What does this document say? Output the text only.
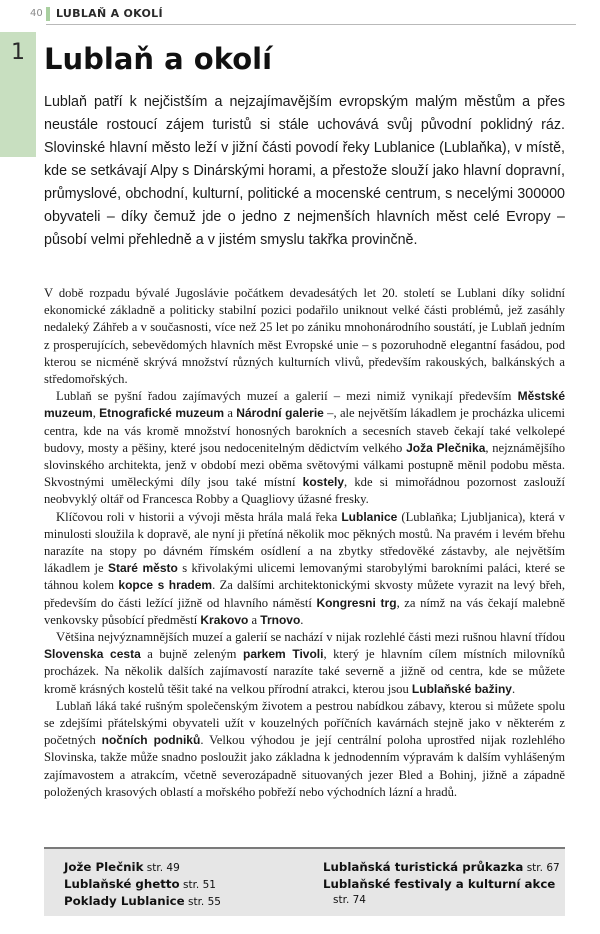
40 LUBLAŇ A OKOLÍ
1 Lublaň a okolí

Lublaň patří k nejčistším a nejzajímavějším evropským malým městům a přes neustále rostoucí zájem turistů si stále uchovává svůj původní poklidný ráz. Slovinské hlavní město leží v jižní části povodí řeky Lublanice (Lublaňka), v místě, kde se setkávají Alpy s Dinárskými horami, a přestože slouží jako hlavní dopravní, průmyslové, obchodní, kulturní, politické a mocenské centrum, s necelými 300000 obyvateli – díky čemuž jde o jedno z nejmenších hlavních měst celé Evropy – působí velmi přehledně a v jistém smyslu takřka provinčně.

V době rozpadu bývalé Jugoslávie počátkem devadesátých let 20. století se Lublani díky solidní ekonomické základně a politicky stabilní pozici podařilo uniknout velké části problémů, jež zasáhly nedaleký Záhřeb a v současnosti, více než 25 let po zániku mnohonárodního soustátí, je Lublaň jedním z prosperujících, sebevědomých hlavních měst Evropské unie – s pozoruhodně elegantní fasádou, pod kterou se nicméně skrývá množství různých kulturních vlivů, především rakouských, balkánských a středomořských.

Lublaň se pyšní řadou zajímavých muzeí a galerií – mezi nimiž vynikají především Městské muzeum, Etnografické muzeum a Národní galerie –, ale největším lákadlem je procházka ulicemi centra, kde na vás kromě množství honosných barokních a secesních staveb čekají také velkolepé budovy, mosty a pěšiny, které jsou nedocenitelným dědictvím velkého Joža Plečnika, nejznámějšího slovinského architekta, jenž v období mezi oběma světovými válkami postupně měnil podobu města. Skvostnými uměleckými díly jsou také místní kostely, kde si mimořádnou pozornost zaslouží neobvyklý oltář od Francesca Robby a Quagliovy úžasné fresky.

Klíčovou roli v historii a vývoji města hrála malá řeka Lublanice (Lublaňka; Ljubljanica), která v minulosti sloužila k dopravě, ale nyní ji přetíná několik moc pěkných mostů. Na pravém i levém břehu narazíte na stopy po dávném římském osídlení a na zbytky středověké zástavby, ale největším lákadlem je Staré město s křivolakými ulicemi lemovanými starobylými barokními paláci, které se táhnou kolem kopce s hradem. Za dalšími architektonickými skvosty můžete vyrazit na levý břeh, především do části ležící jižně od hlavního náměstí Kongresni trg, za nímž na vás čekají malebně venkovsky působící předměstí Krakovo a Trnovo.

Většina nejvýznamnějších muzeí a galerií se nachází v nijak rozlehlé části mezi rušnou hlavní třídou Slovenska cesta a bujně zeleným parkem Tivoli, který je hlavním cílem místních milovníků procházek. Na několik dalších zajímavostí narazíte také severně a jižně od centra, kde se můžete kromě krásných kostelů těšit také na velkou přírodní atrakci, kterou jsou Lublaňské bažiny.

Lublaň láká také rušným společenským životem a pestrou nabídkou zábavy, kterou si můžete spolu se zdejšími přátelskými obyvateli užít v kouzelných poříčních kavárnách stejně jako v některém z početných nočních podniků. Velkou výhodou je její centrální poloha uprostřed nijak rozlehlého Slovinska, takže může snadno posloužit jako základna k jednodenním výpravám k dalším vyhlášeným zajímavostem a atrakcím, včetně severozápadně situovaných jezer Bled a Bohinj, jižně a západně položených krasových oblastí a mořského pobřeží nebo východních lázní a hradů.

Jože Plečnik str. 49
Lublaňské ghetto str. 51
Poklady Lublanice str. 55
Lublaňská turistická průkazka str. 67
Lublaňské festivaly a kulturní akce
str. 74
